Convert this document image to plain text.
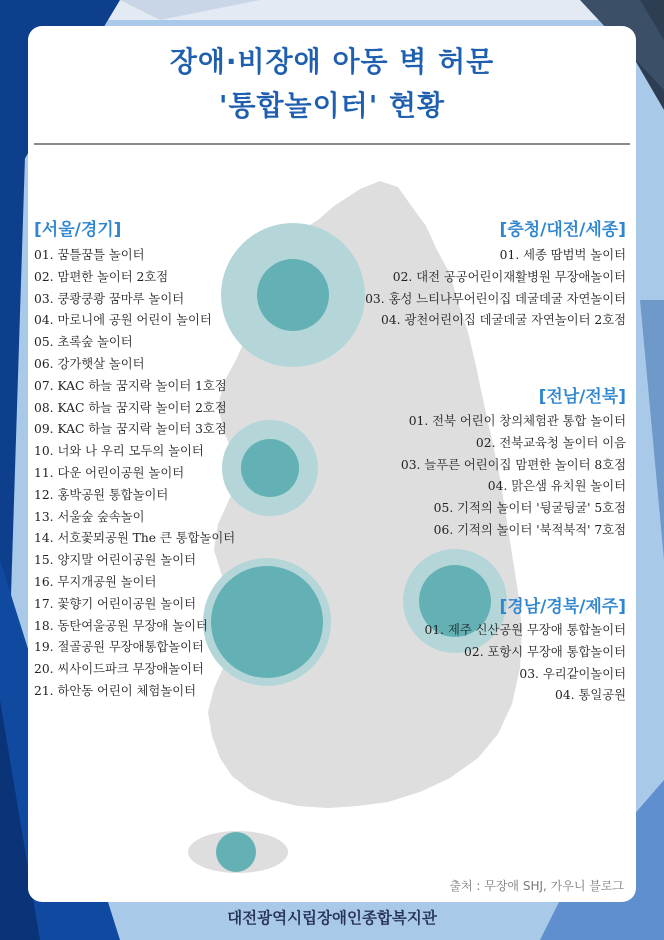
장애·비장애 아동 벽 허문
'통합놀이터' 현황
[서울/경기]
01. 꿈틀꿈틀 놀이터
02. 맘편한 놀이터 2호점
03. 쿵쾅쿵쾅 꿈마루 놀이터
04. 마로니에 공원 어린이 놀이터
05. 초록숲 놀이터
06. 강가햇살 놀이터
07. KAC 하늘 꿈지락 놀이터 1호점
08. KAC 하늘 꿈지락 놀이터 2호점
09. KAC 하늘 꿈지락 놀이터 3호점
10. 너와 나 우리 모두의 놀이터
11. 다운 어린이공원 놀이터
12. 홍박공원 통합놀이터
13. 서울숲 숲속놀이
14. 서호꽃뫼공원 The 큰 통합놀이터
15. 양지말 어린이공원 놀이터
16. 무지개공원 놀이터
17. 꽃향기 어린이공원 놀이터
18. 동탄여울공원 무장애 놀이터
19. 절골공원 무장애통합놀이터
20. 씨사이드파크 무장애놀이터
21. 하안동 어린이 체험놀이터
[충청/대전/세종]
01. 세종 땀범벅 놀이터
02. 대전 공공어린이재활병원 무장애놀이터
03. 홍성 느티나무어린이집 데굴데굴 자연놀이터
04. 광천어린이집 데굴데굴 자연놀이터 2호점
[전남/전북]
01. 전북 어린이 창의체험관 통합 놀이터
02. 전북교육청 놀이터 이음
03. 늘푸른 어린이집 맘편한 놀이터 8호점
04. 맑은샘 유치원 놀이터
05. 기적의 놀이터 '뒹굴뒹굴' 5호점
06. 기적의 놀이터 '북적북적' 7호점
[경남/경북/제주]
01. 제주 신산공원 무장애 통합놀이터
02. 포항시 무장애 통합놀이터
03. 우리같이놀이터
04. 통일공원
출처 : 무장애 SHJ, 가우니 블로그
대전광역시립장애인종합복지관
